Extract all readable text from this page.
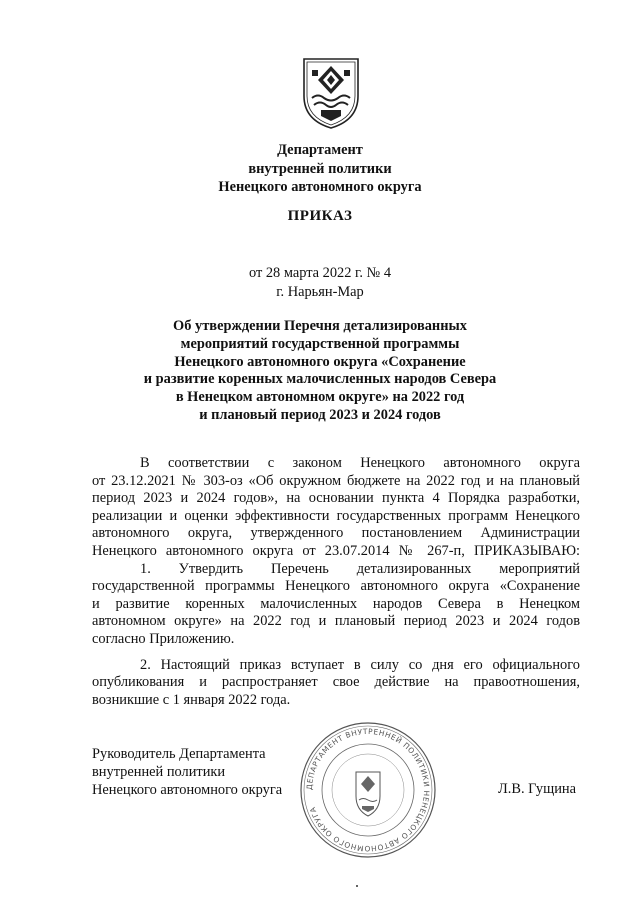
Департамент
внутренней политики
Ненецкого автономного округа
ПРИКАЗ
от 28 марта 2022 г. № 4
г. Нарьян-Мар
Об утверждении Перечня детализированных
мероприятий государственной программы
Ненецкого автономного округа «Сохранение
и развитие коренных малочисленных народов Севера
в Ненецком автономном округе» на 2022 год
и плановый период 2023 и 2024 годов
В соответствии с законом Ненецкого автономного округа
от 23.12.2021 № 303-оз «Об окружном бюджете на 2022 год и на плановый
период 2023 и 2024 годов», на основании пункта 4 Порядка разработки,
реализации и оценки эффективности государственных программ Ненецкого
автономного округа, утвержденного постановлением Администрации
Ненецкого автономного округа от 23.07.2014 № 267-п, ПРИКАЗЫВАЮ:
1. Утвердить Перечень детализированных мероприятий
государственной программы Ненецкого автономного округа «Сохранение
и развитие коренных малочисленных народов Севера в Ненецком
автономном округе» на 2022 год и плановый период 2023 и 2024 годов
согласно Приложению.
2. Настоящий приказ вступает в силу со дня его официального
опубликования и распространяет свое действие на правоотношения,
возникшие с 1 января 2022 года.
Руководитель Департамента
внутренней политики
Ненецкого автономного округа	ДЕПАРТАМЕНТ ВНУТРЕННЕЙ ПОЛИТИКИ НЕНЕЦКОГО АВТОНОМНОГО ОКРУГА
Л.В. Гущина
